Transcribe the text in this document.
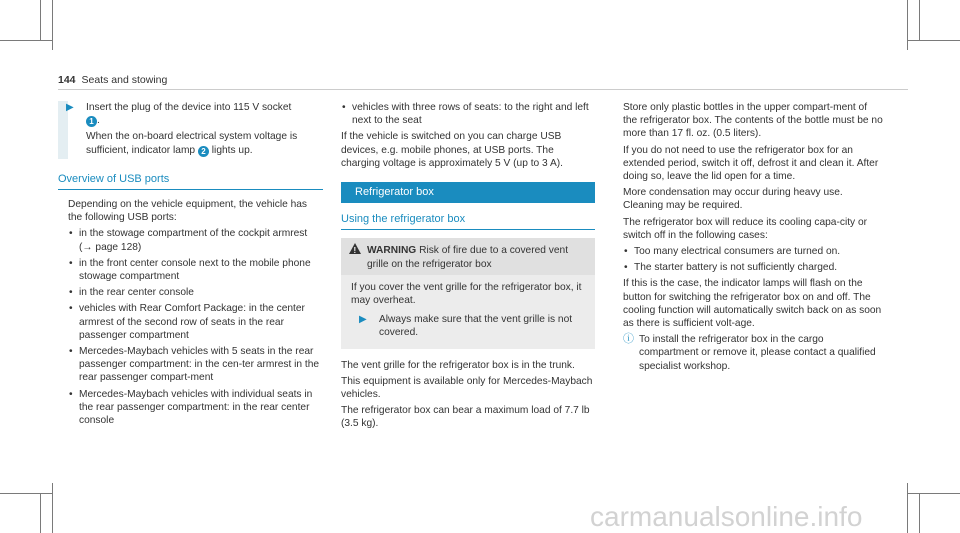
144 Seats and stowing
▶	Insert the plug of the device into 115 V socket
1 .

When the on-board electrical system voltage is sufficient, indicator lamp 2 lights up.

Overview of USB ports

Depending on the vehicle equipment, the vehicle has the following USB ports:

• in the stowage compartment of the cockpit armrest (→ page 128)
• in the front center console next to the mobile phone stowage compartment
• in the rear center console
• vehicles with Rear Comfort Package: in the center armrest of the second row of seats in the rear passenger compartment
• Mercedes-Maybach vehicles with 5 seats in the rear passenger compartment: in the cen-ter armrest in the rear passenger compart-ment
• Mercedes-Maybach vehicles with individual seats in the rear passenger compartment: in the rear center console
• vehicles with three rows of seats: to the right and left next to the seat

If the vehicle is switched on you can charge USB devices, e.g. mobile phones, at USB ports. The charging voltage is approximately 5 V (up to 3 A).

Refrigerator box
Using the refrigerator box
!
WARNING Risk of fire due to a covered vent grille on the refrigerator box

If you cover the vent grille for the refrigerator box, it may overheat.

▶	Always make sure that the vent grille is not covered.

The vent grille for the refrigerator box is in the trunk.

This equipment is available only for Mercedes-Maybach vehicles.

The refrigerator box can bear a maximum load of 7.7 lb (3.5 kg).

Store only plastic bottles in the upper compart-ment of the refrigerator box. The contents of the bottle must be no more than 17 fl. oz. (0.5 liters).

If you do not need to use the refrigerator box for an extended period, switch it off, defrost it and clean it. After doing so, leave the lid open for a time.

More condensation may occur during heavy use. Cleaning may be required.

The refrigerator box will reduce its cooling capa-city or switch off in the following cases:

• Too many electrical consumers are turned on.
• The starter battery is not sufficiently charged.

If this is the case, the indicator lamps will flash on the button for switching the refrigerator box on and off. The cooling function will automatically switch back on as soon as there is sufficient volt-age.

ⓘ To install the refrigerator box in the cargo compartment or remove it, please contact a qualified specialist workshop.

carmanualsonline.info
